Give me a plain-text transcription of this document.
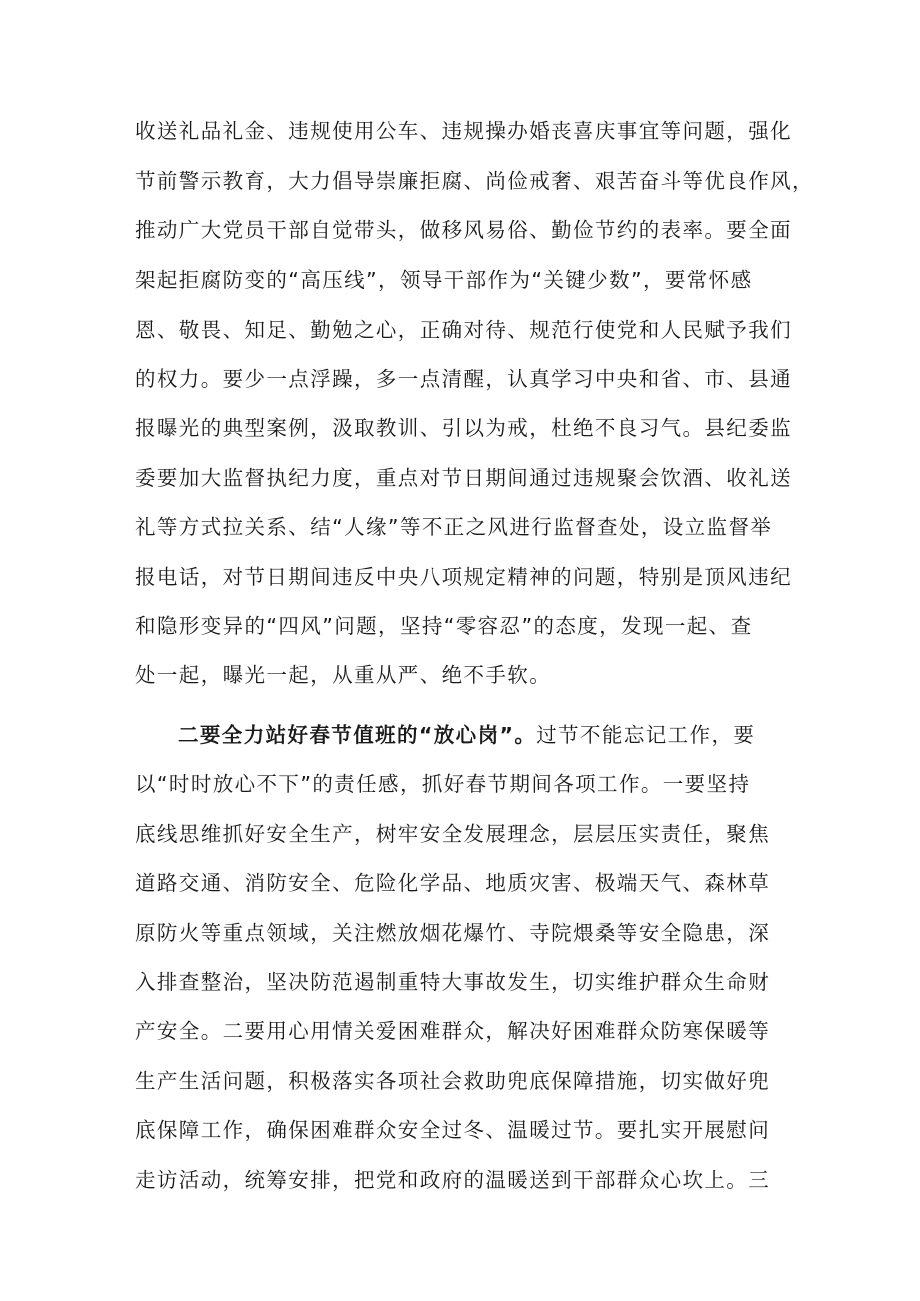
收送礼品礼金、违规使用公车、违规操办婚丧喜庆事宜等问题，强化
节前警示教育，大力倡导崇廉拒腐、尚俭戒奢、艰苦奋斗等优良作风，
推动广大党员干部自觉带头，做移风易俗、勤俭节约的表率。要全面
架起拒腐防变的“高压线”，领导干部作为“关键少数”，要常怀感
恩、敬畏、知足、勤勉之心，正确对待、规范行使党和人民赋予我们
的权力。要少一点浮躁，多一点清醒，认真学习中央和省、市、县通
报曝光的典型案例，汲取教训、引以为戒，杜绝不良习气。县纪委监
委要加大监督执纪力度，重点对节日期间通过违规聚会饮酒、收礼送
礼等方式拉关系、结“人缘”等不正之风进行监督查处，设立监督举
报电话，对节日期间违反中央八项规定精神的问题，特别是顶风违纪
和隐形变异的“四风”问题，坚持“零容忍”的态度，发现一起、查
处一起，曝光一起，从重从严、绝不手软。
二要全力站好春节值班的“放心岗”。过节不能忘记工作，要
以“时时放心不下”的责任感，抓好春节期间各项工作。一要坚持
底线思维抓好安全生产，树牢安全发展理念，层层压实责任，聚焦
道路交通、消防安全、危险化学品、地质灾害、极端天气、森林草
原防火等重点领域，关注燃放烟花爆竹、寺院煨桑等安全隐患，深
入排查整治，坚决防范遏制重特大事故发生，切实维护群众生命财
产安全。二要用心用情关爱困难群众，解决好困难群众防寒保暖等
生产生活问题，积极落实各项社会救助兜底保障措施，切实做好兜
底保障工作，确保困难群众安全过冬、温暖过节。要扎实开展慰问
走访活动，统筹安排，把党和政府的温暖送到干部群众心坎上。三
